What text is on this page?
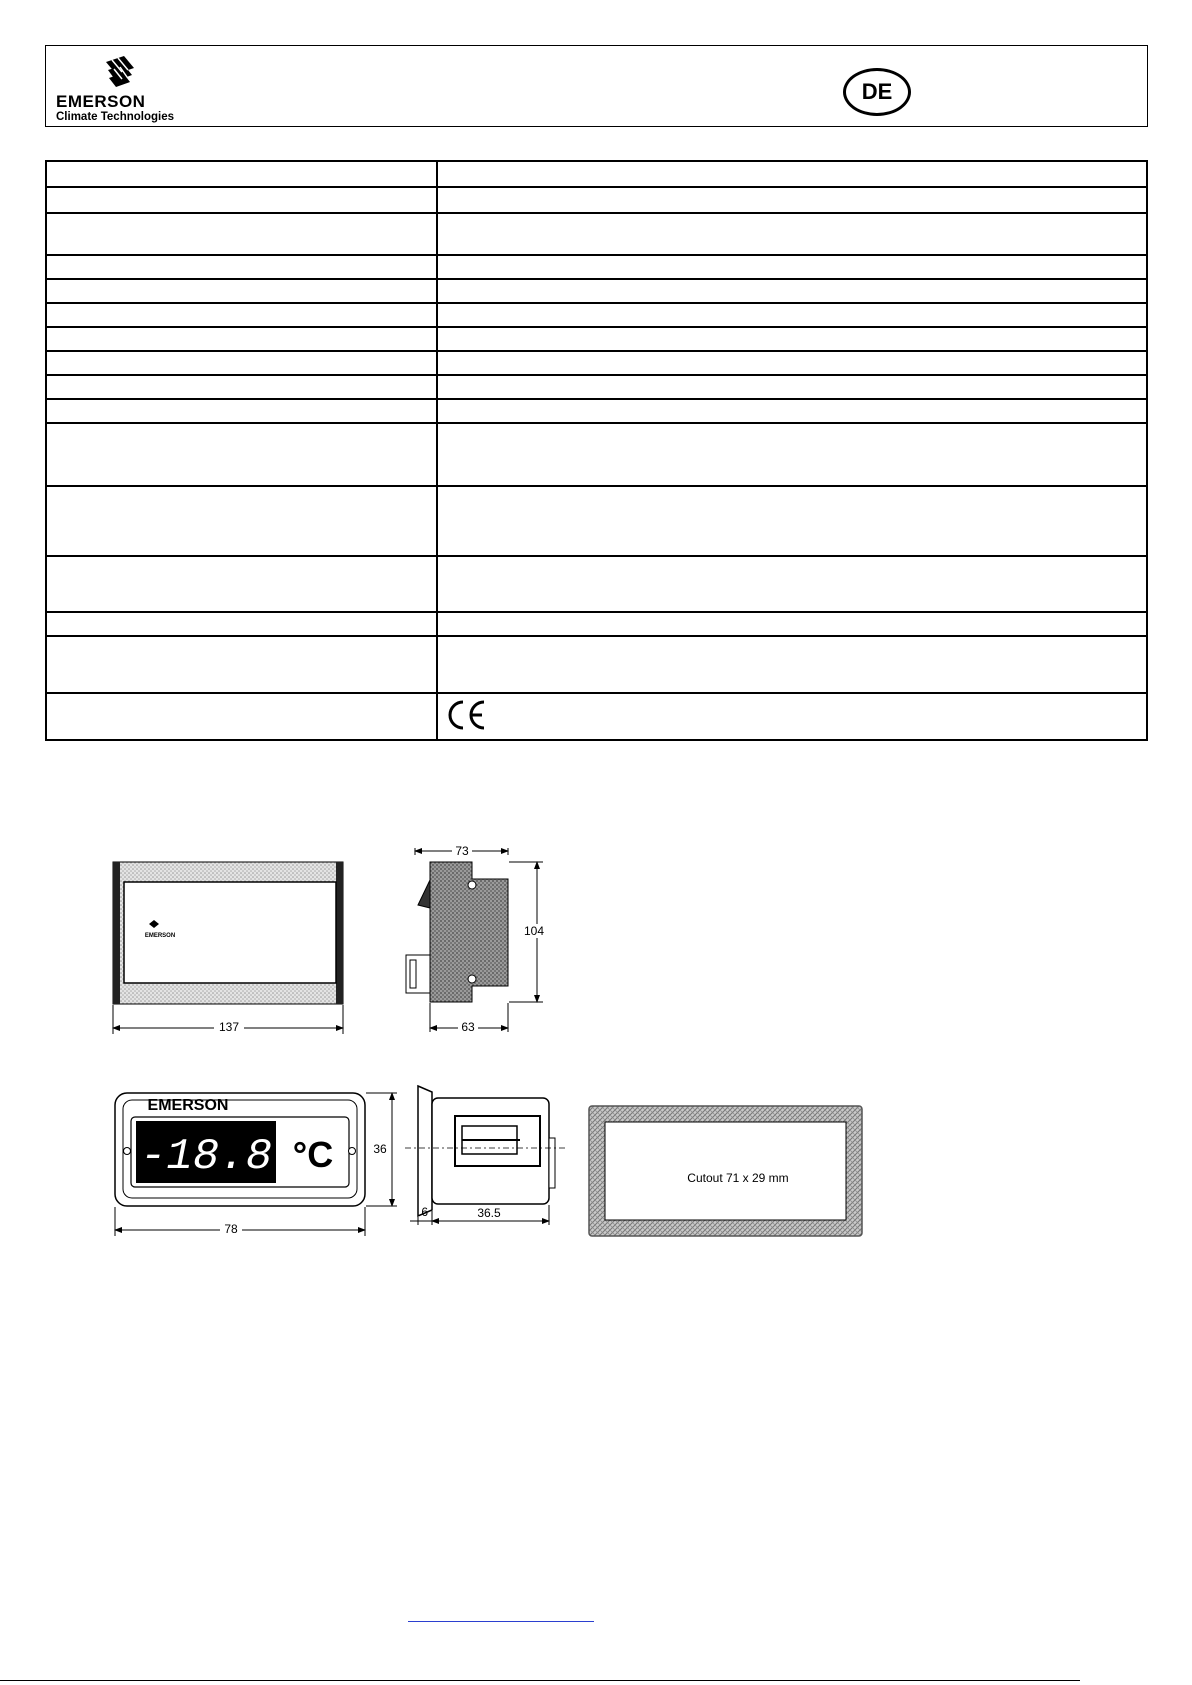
EMERSON
Climate Technologies
DE

EMERSON
137
73
104
63
EMERSON
-18.8 °C	36
78
6	36.5
Cutout 71 x 29 mm
